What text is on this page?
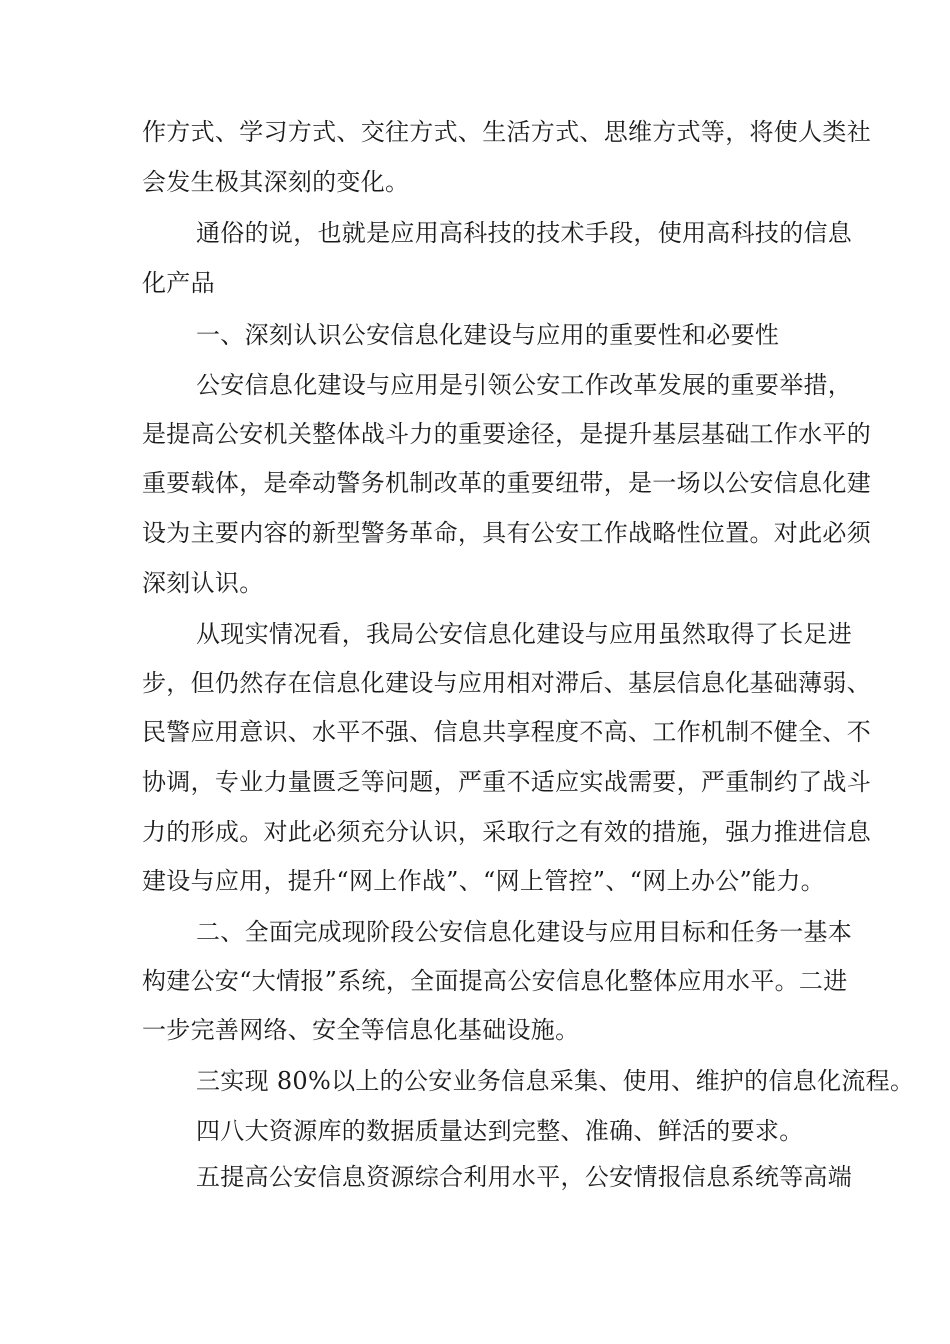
作方式、学习方式、交往方式、生活方式、思维方式等，将使人类社
会发生极其深刻的变化。
通俗的说，也就是应用高科技的技术手段，使用高科技的信息
化产品
一、深刻认识公安信息化建设与应用的重要性和必要性
公安信息化建设与应用是引领公安工作改革发展的重要举措，
是提高公安机关整体战斗力的重要途径，是提升基层基础工作水平的
重要载体，是牵动警务机制改革的重要纽带，是一场以公安信息化建
设为主要内容的新型警务革命，具有公安工作战略性位置。对此必须
深刻认识。
从现实情况看，我局公安信息化建设与应用虽然取得了长足进
步，但仍然存在信息化建设与应用相对滞后、基层信息化基础薄弱、
民警应用意识、水平不强、信息共享程度不高、工作机制不健全、不
协调，专业力量匮乏等问题，严重不适应实战需要，严重制约了战斗
力的形成。对此必须充分认识，采取行之有效的措施，强力推进信息
建设与应用，提升“网上作战”、“网上管控”、“网上办公”能力。
二、全面完成现阶段公安信息化建设与应用目标和任务一基本
构建公安“大情报”系统，全面提高公安信息化整体应用水平。二进
一步完善网络、安全等信息化基础设施。
三实现 80%以上的公安业务信息采集、使用、维护的信息化流程。
四八大资源库的数据质量达到完整、准确、鲜活的要求。
五提高公安信息资源综合利用水平，公安情报信息系统等高端
